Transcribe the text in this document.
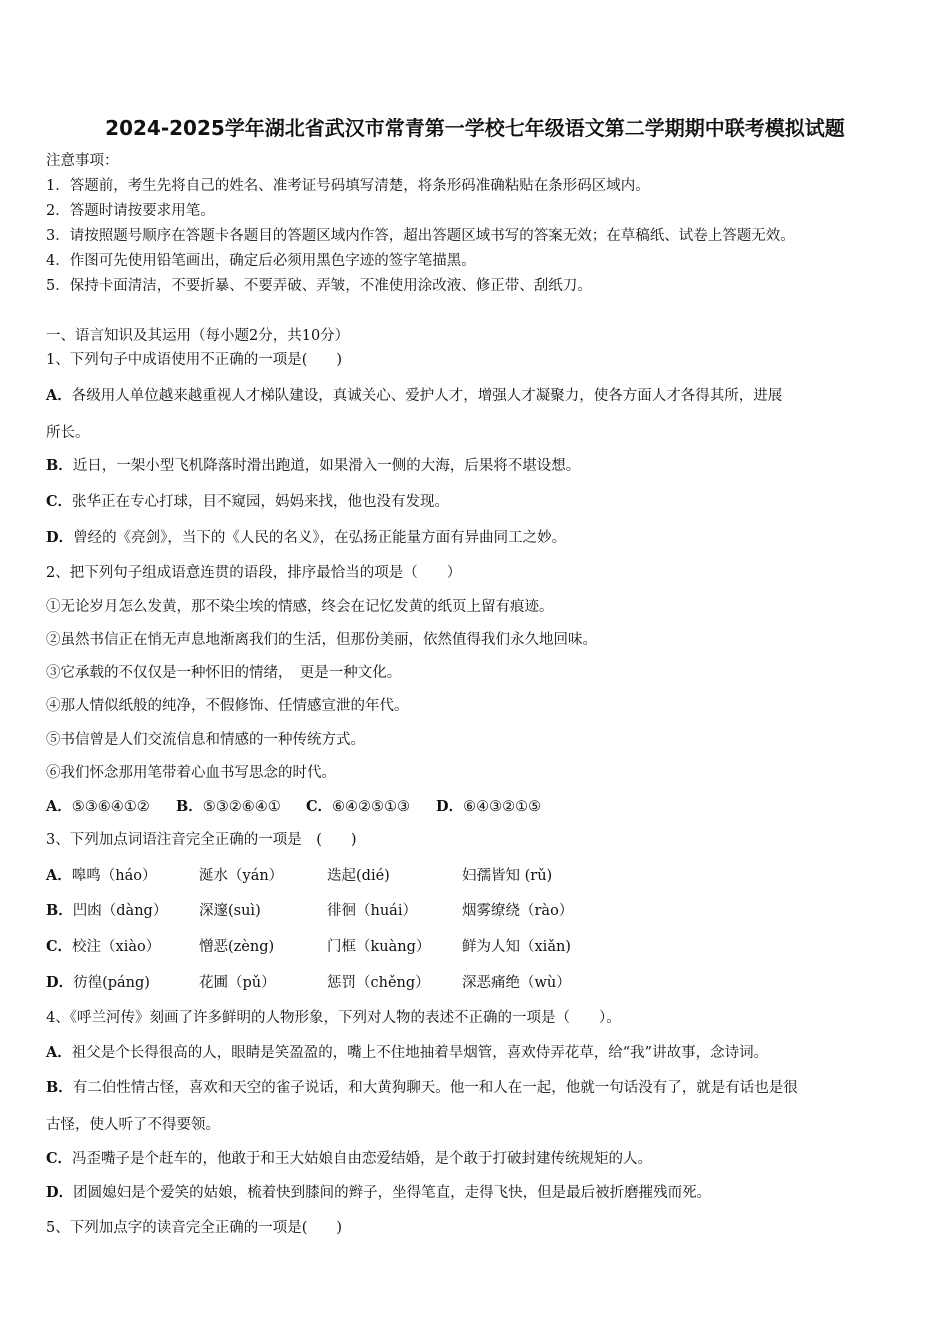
2024-2025学年湖北省武汉市常青第一学校七年级语文第二学期期中联考模拟试题
注意事项：
1．答题前，考生先将自己的姓名、准考证号码填写清楚，将条形码准确粘贴在条形码区域内。
2．答题时请按要求用笔。
3．请按照题号顺序在答题卡各题目的答题区域内作答，超出答题区域书写的答案无效；在草稿纸、试卷上答题无效。
4．作图可先使用铅笔画出，确定后必须用黑色字迹的签字笔描黑。
5．保持卡面清洁，不要折暴、不要弄破、弄皱，不准使用涂改液、修正带、刮纸刀。
一、语言知识及其运用（每小题2分，共10分）
1、下列句子中成语使用不正确的一项是(　　)
A．各级用人单位越来越重视人才梯队建设，真诚关心、爱护人才，增强人才凝聚力，使各方面人才各得其所，进展
所长。
B．近日，一架小型飞机降落时滑出跑道，如果滑入一侧的大海，后果将不堪设想。
C．张华正在专心打球，目不窥园，妈妈来找，他也没有发现。
D．曾经的《亮剑》，当下的《人民的名义》，在弘扬正能量方面有异曲同工之妙。
2、把下列句子组成语意连贯的语段，排序最恰当的项是（　　）
①无论岁月怎么发黄，那不染尘埃的情感，终会在记忆发黄的纸页上留有痕迹。
②虽然书信正在悄无声息地渐离我们的生活，但那份美丽，依然值得我们永久地回味。
③它承载的不仅仅是一种怀旧的情绪，　更是一种文化。
④那人情似纸般的纯净，不假修饰、任情感宣泄的年代。
⑤书信曾是人们交流信息和情感的一种传统方式。
⑥我们怀念那用笔带着心血书写思念的时代。
A．⑤③⑥④①② B．⑤③②⑥④① C．⑥④②⑤①③ D．⑥④③②①⑤
3、下列加点词语注音完全正确的一项是　(　　)
A．嗥鸣（háo）	涎水（yán）	迭起(dié)	妇孺皆知 (rǔ)
B．凹凼（dàng） 深邃(suì)	徘徊（huái）	烟雾缭绕（rào）
C．校注（xiào）	憎恶(zèng)	门框（kuàng） 鲜为人知（xiǎn)
D．彷徨(páng)	花圃（pǔ）	惩罚（chěng） 深恶痛绝（wù）
4、《呼兰河传》刻画了许多鲜明的人物形象，下列对人物的表述不正确的一项是（　　）。
A．祖父是个长得很高的人，眼睛是笑盈盈的，嘴上不住地抽着旱烟管，喜欢侍弄花草，给“我”讲故事，念诗词。
B．有二伯性情古怪，喜欢和天空的雀子说话，和大黄狗聊天。他一和人在一起，他就一句话没有了，就是有话也是很
古怪，使人听了不得要领。
C．冯歪嘴子是个赶车的，他敢于和王大姑娘自由恋爱结婚，是个敢于打破封建传统规矩的人。
D．团圆媳妇是个爱笑的姑娘，梳着快到膝间的辫子，坐得笔直，走得飞快，但是最后被折磨摧残而死。
5、下列加点字的读音完全正确的一项是(　　)
